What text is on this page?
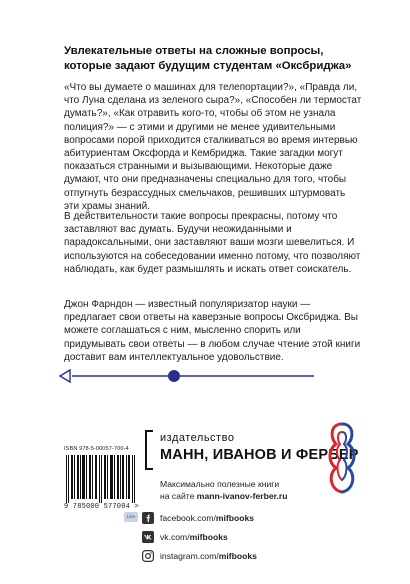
Увлекательные ответы на сложные вопросы, которые задают будущим студентам «Оксбриджа»

«Что вы думаете о машинах для телепортации?», «Правда ли, что Луна сделана из зеленого сыра?», «Способен ли термостат думать?», «Как отравить кого-то, чтобы об этом не узнала полиция?» — с этими и другими не менее удивительными вопросами порой приходится сталкиваться во время интервью абитуриентам Оксфорда и Кембриджа. Такие загадки могут показаться странными и вызывающими. Некоторые даже думают, что они предназначены специально для того, чтобы отпугнуть безрассудных смельчаков, решивших штурмовать эти храмы знаний.

В действительности такие вопросы прекрасны, потому что заставляют вас думать. Будучи неожиданными и парадоксальными, они заставляют ваши мозги шевелиться. И используются на собеседовании именно потому, что позволяют наблюдать, как будет размышлять и искать ответ соискатель.

Джон Фарндон — известный популяризатор науки — предлагает свои ответы на каверзные вопросы Оксбриджа. Вы можете соглашаться с ним, мысленно спорить или придумывать свои ответы — в любом случае чтение этой книги доставит вам интеллектуальное удовольствие.

ISBN 978-5-00057-700-4
9 785000 577004 >
издательство
МАНН, ИВАНОВ И ФЕРБЕР
Максимально полезные книги
на сайте mann-ivanov-ferber.ru
Like	facebook.com/mifbooks
vk.com/mifbooks
instagram.com/mifbooks
